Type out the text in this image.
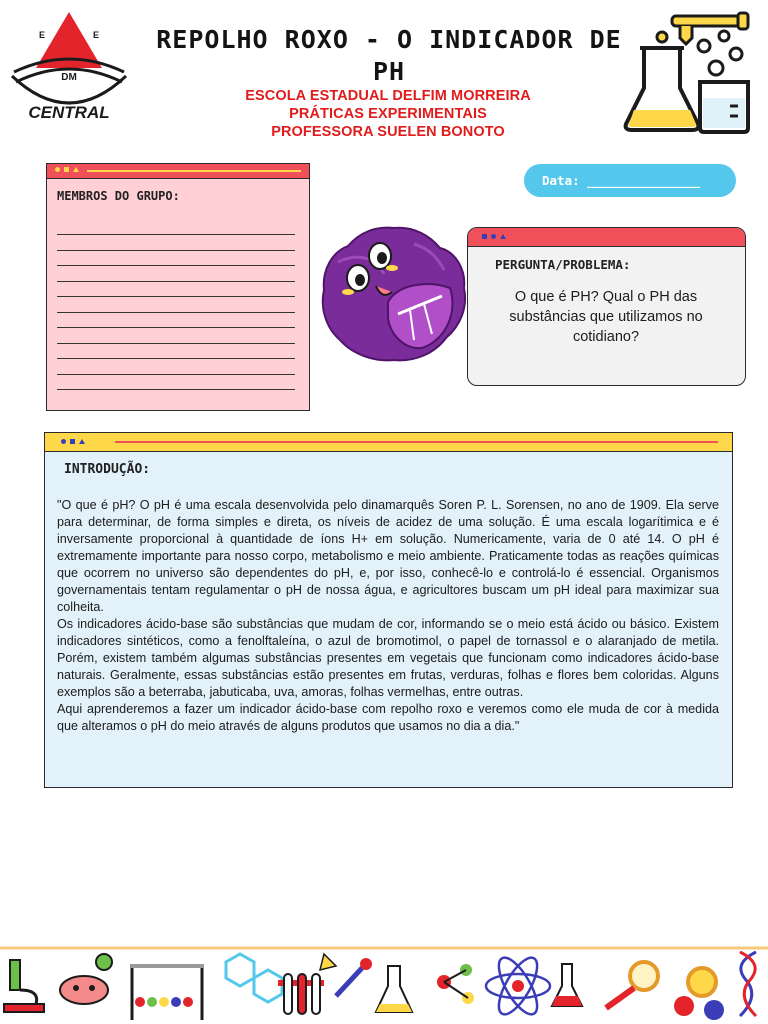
E	E
DM
CENTRAL
REPOLHO ROXO - O INDICADOR DE PH
ESCOLA ESTADUAL DELFIM MORREIRA
PRÁTICAS EXPERIMENTAIS
PROFESSORA SUELEN BONOTO
MEMBROS DO GRUPO:
Data: _______________
PERGUNTA/PROBLEMA:
O que é PH? Qual o PH das substâncias que utilizamos no cotidiano?
INTRODUÇÃO:

"O que é pH? O pH é uma escala desenvolvida pelo dinamarquês Soren P. L. Sorensen, no ano de 1909. Ela serve para determinar, de forma simples e direta, os níveis de acidez de uma solução. É uma escala logarítimica e é inversamente proporcional à quantidade de íons H+ em solução. Numericamente, varia de 0 até 14. O pH é extremamente importante para nosso corpo, metabolismo e meio ambiente. Praticamente todas as reações químicas que ocorrem no universo são dependentes do pH, e, por isso, conhecê-lo e controlá-lo é essencial. Organismos governamentais tentam regulamentar o pH de nossa água, e agricultores buscam um pH ideal para maximizar sua colheita.

Os indicadores ácido-base são substâncias que mudam de cor, informando se o meio está ácido ou básico. Existem indicadores sintéticos, como a fenolftaleína, o azul de bromotimol, o papel de tornassol e o alaranjado de metila. Porém, existem também algumas substâncias presentes em vegetais que funcionam como indicadores ácido-base naturais. Geralmente, essas substâncias estão presentes em frutas, verduras, folhas e flores bem coloridas. Alguns exemplos são a beterraba, jabuticaba, uva, amoras, folhas vermelhas, entre outras.

Aqui aprenderemos a fazer um indicador ácido-base com repolho roxo e veremos como ele muda de cor à medida que alteramos o pH do meio através de alguns produtos que usamos no dia a dia."
